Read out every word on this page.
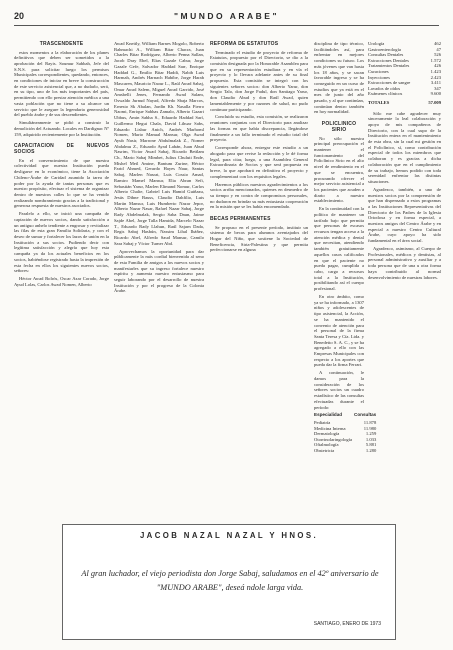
20	"MUNDO ARABE"
TRASCENDENTE

estos momentos a la elaboración de los planes definitivos que deben ser sometidos a la aprobación del Rayis. Soumur Sabbah, Jefe del S.N.S. para solicitar luego los permisos Municipales correspondientes, quedando, entonces, en condiciones de iniciar en breve la construcción de este servicio asistencial que, a no dudarlo, será, en su tipo, uno de los más importantes del país, permitiendo con ello prestar atención médica a una vasta población que no tiene a su alcance un servicio que le asegure la legendaria generosidad del pueblo árabe y de sus descendientes.

Simultáneamente se pidió a construir la demolición del Actuando. Locales en Dardignac Nº 159, adquirido recientemente por la Institución.

CAPACITACION DE NUEVOS SOCIOS

En el convencimiento de que nuestra colectividad que nuestra Institución pueda desligarse en lo económico, tiene la Asociación Chileno-Árabe de Caridad asumido la tarea de poder por la ayuda de tantas personas que es nuestro propósito, efectuar el sistema de organizar dentro de nuestros calles lo que se ha venido realizando nombramiento gracias a la tradicional y generosa respuesta de nuestros asociados.

Paralelo a ello, se inició una campaña de captación de nuevos socios, dando satisfacción a un antiguo anhelo tendiente a engrosar y revitalizar las filas de esta gran Familia Solidaria, y con el deseo de sumar y fortalecer los lazos de unión en la Institución a sus socios. Pudiendo decir con legítima satisfacción y alegría que hoy esta campaña ya da los actuales beneficios en los socios, habiéndose registrado hasta la impresión de esta fecha en ellos los siguientes nuevos socios, señores:

Héctor Awad Bolrós, Oscar Azar Corado, Jorge Ayud Lolas, Carlos Awad Nomen, Alberto

Awad Kneitly, William Barnes Mogolo, Roberto Bahmachi A., William Bitar Chacra, Juan Charles Bitar Rodríguez, Alberto Penna Sallan, Jacob Dray Ebel, Elias Gazale Cabur, Jorge Gazale Gefe, Salvador Haddad Sarr, Enrique Haddad G., Emilio Bitar Haddi, Nabib Luis Harmah, Andrés Harnach Habibe, Jorge Harab Mascaren, Mauricio Naour L., Raúl Awad Sabaj, Omar Awad Salem, Miguel Awad Garrido, José Amsbelli Jenes, Fernando Awad Salam, Oswaldo Jurnud Nayad, Alfredo Sbaja Marcos, Ernesto Sk Abalan, Jardín Kh. Nasalla Fierro Naomi, Enrique Sabhas Zamalo, Alberto Gazari Ubbus, Amin Sabha S., Eduardo Haddad Sarí, Guillermo Hegui Chala, David Lihuar Sabs, Eduardo Lisbur Anich, Andrés Marhoml Nomen, Mario Manual Mansur, Olga Awad Ayub Nasir, Marrone Abdulmalak Z., Nomer Abdalmu Z., Eduardo Ayad Labán, Juan Abud Nasrim, Victor Awad Sabaj, Ricardo Bettlam Ch., Mario Sabaj Mimbet, Julius Chuluti Ende, Mishel Meil Amine, Bantum Zurine, Héctor Farid Ahmed, Gerardo Hayes Naur, Santas Sabaj, Marlen Nasrat, Luis Cossio Amad, Ramiro Mamel Mansur, Elia Abran Sefi, Sebastián Yarur, Marlen Elimand Nomur, Carlos Alberto Chalte, Gabriel Luis Hamid Guiñazu, Jesús Dibne Bauss, Claudio Dahfilio, Luis Marún Mansur, Luis Humberto Nazar Jepor, Alberto Nazar Nasar, Rafael Nazar Sabaj, Jorge Rady Abdelmalak, Sergio Saba Daun, Jaime Sajde Abel, Jorge Talla Hamida, Marcelo Nazar T., Eduardo Rady Llahun, Raúl Sajarn Dada, Regis Sabaj Hasbún, Nassim Lihal Ibáñez, Ricardo Abel, Alfredo Saud Mansur, Camilo Sara Sabaj y Víctor Turner Abd.

Aprovechamos la oportunidad para dar públicamente la más cordial bienvenida al seno de esta Familia de amigos a los nuevos socios y manifestarles que su ingreso fortalece nuestro espíritu y aumenta nuestro entusiasmo para seguir laborando por el desarrollo de nuestra Institución y por el progreso de la Colonia Árabe.

REFORMA DE ESTATUTOS

Terminado el estudio de proyecto de reforma de Estatutos, propuesto por el Directorio, se dio a la comisión designada por la Honorable Asamblea para que en su representación estudiara y en vía el proyecto y lo llevara adelante antes de su final propuesto. Esta comisión se integró con los siguientes señores socios: don Alberto Yarur, don Sergio Talo, don Jorge Fadul, don Santiago Yarur, don Claudio Abud y don Raúl Awad, quien lamentablemente y por razones de salud, no pudo continuar participando.

Concluido su estudio, esta comisión, se realizaron reuniones conjuntas con el Directorio para analizar las formas en que había discrepancia, llegándose finalmente a un fallo terminado el estudio total del proyecto.

Corresponde ahora, entregar este estudio a un abogado para que revise la redacción y le dé forma legal, para citar, luego, a una Asamblea General Extraordinaria de Socios y que será propuesta en breve, la que aprobará en definitiva el proyecto y complementará con los requisitos legales.

Haremos públicos nuestros agradecimientos a los socios arriba mencionados, quienes en desmedro de su tiempo y en contra de compromisos personales, no dudaron en brindar su más entusiasta cooperación en la misión que se les había encomendado.

BECAS PERMANENTES

Se propuso en el presente período, instituir un sistema de becas para alumnos aventajados del Hogar del Niño, que sostiene la Sociedad de Beneficencia, Siria-Palestina y que permita perfeccionarse en alguna

disciplina de tipo técnico, facilitándoles así, para enfrentar en mejores condiciones su futuro. Los más jóvenes que van hasta los 18 años, y se sacan favorable ingreso y se ha conseguido en un curso de estudios que ya está en el mes de junio del año pasado, y al que continúan, continúan dentro también en hoy normalidad.

POLICLINICO SIRIO

No sólo nuestra principal preocupación el mantener el funcionamiento del Policlínico Sirio en el alto nivel de rendimiento en el que se encuentra, procurando ofrecer el mejor servicio asistencial a los pacientes que acuden a diario a nuestro establecimiento.

En la continuidad con la política de mantener un tarifado bajo que permita que personas de escasos recursos tengan acceso a la atención médica y dental que necesitan, atendiendo también gratuitamente aquellos casos calificados en que el paciente no pueda pagar, cumplida a cabo, cargo a recursos total a la Institución, posibilitando así el cuerpo profesional.

En otro ámbito, como ya se ha informado, a 1307 niños y adolescentes de tipo asistencial, la Acción, se ha mantenido el convenio de atención para el personal de la firma Santa Teresa y Cía. Ltda. y Benedetto S. A. C., y se ha agregado a ello con las Empresas Municipales con respecto a los aportes que pueda dar la firma Ferrari.

A continuación, le damos para la consideración de los señores socios un cuadro estadístico de las consultas efectuadas durante el período:

Especialidad	Consultas
Pediatría	11.878
Medicina Interna	11.980
Dermatología	1.259
Otorrinolaringología	1.033
Oftalmología	5.881
Obstetricia	1.280
Urología	462
Gastroenterología	47
Consultas Dentales	526
Extracciones Dentales	1.572
Tratamientos Dentales	426
Curaciones	1.423
Inyecciones	2.423
Extracciones de sangre	3.411
Lavados de oídos	347
Exámenes clínicos	9.600
TOTALES	57.009

Sólo me cabe agradecer muy sinceramente la leal colaboración y apoyo de mis compañeros de Directorio, con la cual supo de la Institución entera en el mantenimiento de esta obra, sin la cual mi gestión en el Policlínico, sí, como contribución especial de todos los miembros que colaboran y es gracias a dicha colaboración que en el cumplimiento de su trabajo, hemos podido con toda serenidad enfrentar las distintas situaciones.

Agradezco, también, a uno de nuestros socios por la comprensión de que han dispensado a estos programas a las Instituciones Representativas del Directorio de los Padres de la Iglesia Ortodoxa y en forma especial, a nuestros amigos del Centro Árabe y en especial a nuestro Centro Cultural Árabe, cuyo apoyo ha sido fundamental en el área social.

Agradezco, asimismo, al Cuerpo de Profesionales, médicos y dentistas, al personal administrativo y auxiliar y a toda persona que de una u otra forma haya contribuido al normal desenvolvimiento de nuestras labores.

JACOB NAZAL NAZAL Y HNOS.
Al gran luchador, el viejo periodista don Jorge Sabaj, saludamos en el 42º aniversario de "MUNDO ARABE", deseá ndole larga vida.
SANTIAGO, ENERO DE 1973
